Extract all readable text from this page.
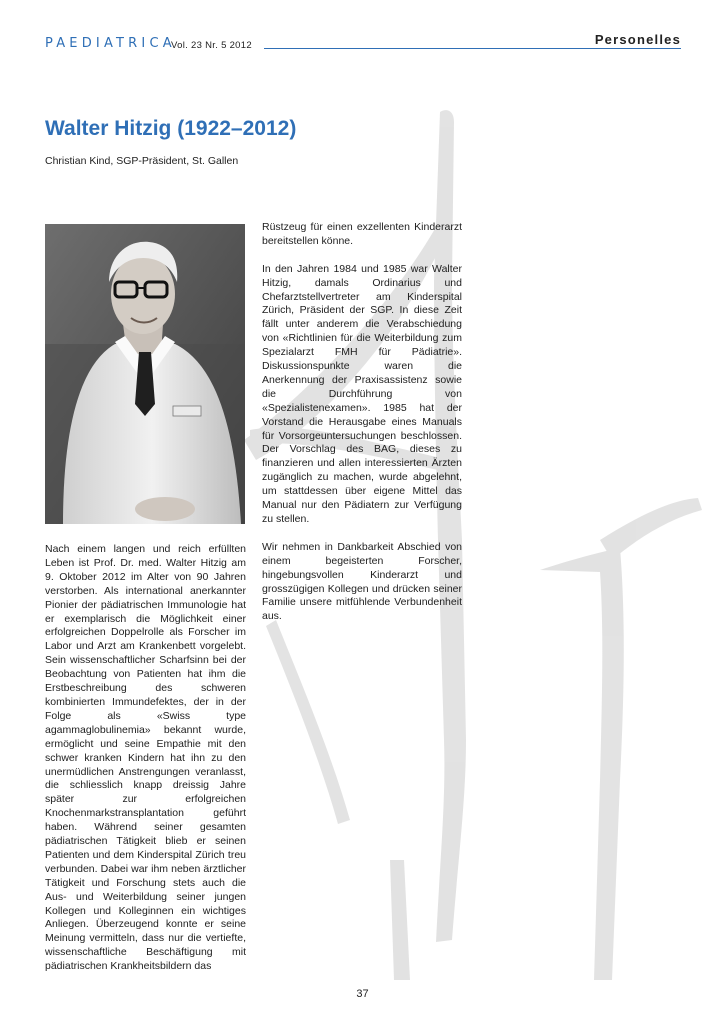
PAEDIATRICA
Vol. 23 Nr. 5 2012	Personelles
Walter Hitzig (1922–2012)
Christian Kind, SGP-Präsident, St. Gallen

Nach einem langen und reich erfüllten Leben ist Prof. Dr. med. Walter Hitzig am 9. Oktober 2012 im Alter von 90 Jahren verstorben. Als international anerkannter Pionier der pädiatrischen Immunologie hat er exemplarisch die Möglichkeit einer erfolgreichen Doppelrolle als Forscher im Labor und Arzt am Krankenbett vorgelebt. Sein wissenschaftlicher Scharfsinn bei der Beobachtung von Patienten hat ihm die Erstbeschreibung des schweren kombinierten Immundefektes, der in der Folge als «Swiss type agammaglobulinemia» bekannt wurde, ermöglicht und seine Empathie mit den schwer kranken Kindern hat ihn zu den unermüdlichen Anstrengungen veranlasst, die schliesslich knapp dreissig Jahre später zur erfolgreichen Knochenmarkstransplantation geführt haben. Während seiner gesamten pädiatrischen Tätigkeit blieb er seinen Patienten und dem Kinderspital Zürich treu verbunden. Dabei war ihm neben ärztlicher Tätigkeit und Forschung stets auch die Aus- und Weiterbildung seiner jungen Kollegen und Kolleginnen ein wichtiges Anliegen. Überzeugend konnte er seine Meinung vermitteln, dass nur die vertiefte, wissenschaftliche Beschäftigung mit pädiatrischen Krankheitsbildern das

Rüstzeug für einen exzellenten Kinderarzt bereitstellen könne.

In den Jahren 1984 und 1985 war Walter Hitzig, damals Ordinarius und Chefarztstellvertreter am Kinderspital Zürich, Präsident der SGP. In diese Zeit fällt unter anderem die Verabschiedung von «Richtlinien für die Weiterbildung zum Spezialarzt FMH für Pädiatrie». Diskussionspunkte waren die Anerkennung der Praxisassistenz sowie die Durchführung von «Spezialistenexamen». 1985 hat der Vorstand die Herausgabe eines Manuals für Vorsorgeuntersuchungen beschlossen. Der Vorschlag des BAG, dieses zu finanzieren und allen interessierten Ärzten zugänglich zu machen, wurde abgelehnt, um stattdessen über eigene Mittel das Manual nur den Pädiatern zur Verfügung zu stellen.

Wir nehmen in Dankbarkeit Abschied von einem begeisterten Forscher, hingebungsvollen Kinderarzt und grosszügigen Kollegen und drücken seiner Familie unsere mitfühlende Verbundenheit aus.

37
